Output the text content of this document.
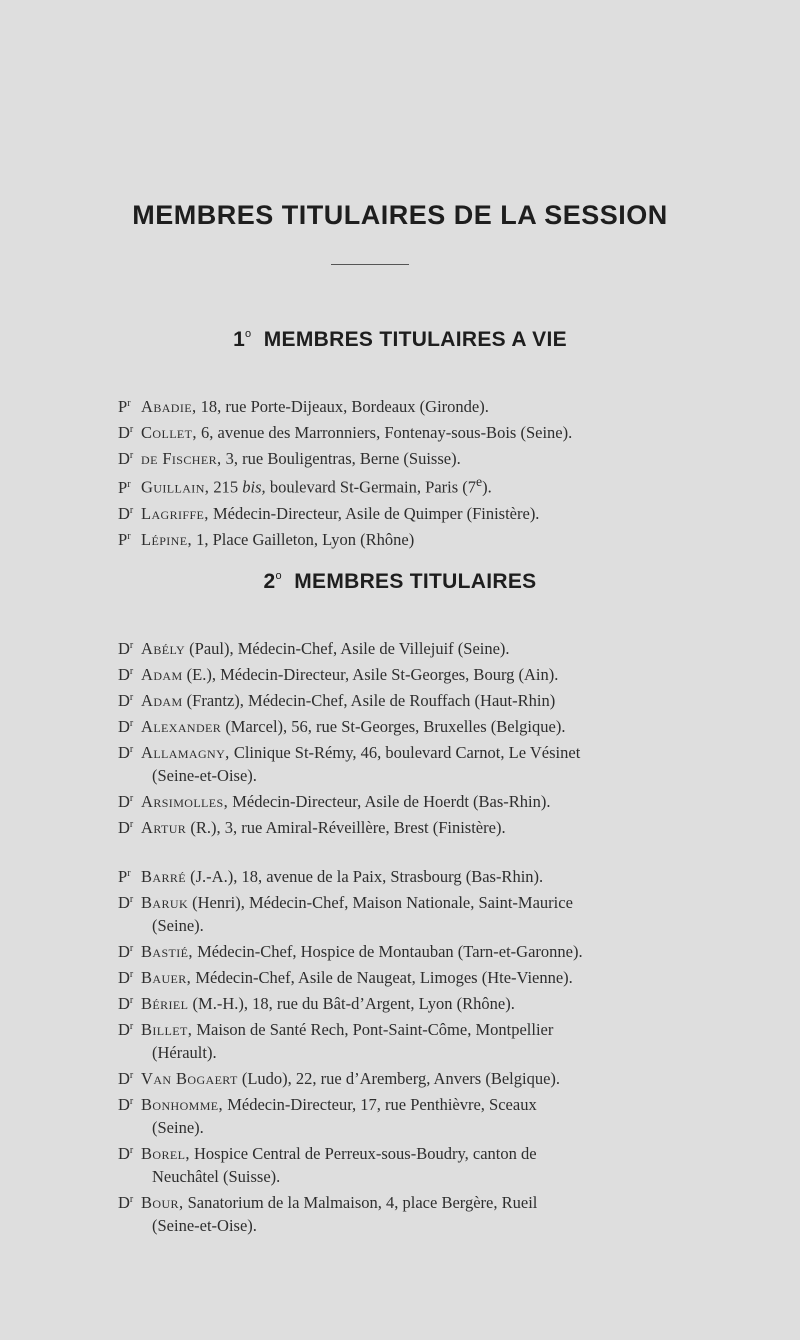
MEMBRES TITULAIRES DE LA SESSION
1$^o$ MEMBRES TITULAIRES A VIE
$P^r$ Abadie, 18, rue Porte-Dijeaux, Bordeaux (Gironde).
$D^r$ Collet, 6, avenue des Marronniers, Fontenay-sous-Bois (Seine).
$D^r$ de Fischer, 3, rue Bouligentras, Berne (Suisse).
$P^r$ Guillain, 215 bis, boulevard St-Germain, Paris (7e).
$D^r$ Lagriffe, Médecin-Directeur, Asile de Quimper (Finistère).
$P^r$ Lépine, 1, Place Gailleton, Lyon (Rhône)
2$^o$ MEMBRES TITULAIRES
$D^r$ Abély (Paul), Médecin-Chef, Asile de Villejuif (Seine).
$D^r$ Adam (E.), Médecin-Directeur, Asile St-Georges, Bourg (Ain).
$D^r$ Adam (Frantz), Médecin-Chef, Asile de Rouffach (Haut-Rhin)
$D^r$ Alexander (Marcel), 56, rue St-Georges, Bruxelles (Belgique).
$D^r$ Allamagny, Clinique St-Rémy, 46, boulevard Carnot, Le Vésinet
(Seine-et-Oise).
$D^r$ Arsimolles, Médecin-Directeur, Asile de Hoerdt (Bas-Rhin).
$D^r$ Artur (R.), 3, rue Amiral-Réveillère, Brest (Finistère).
$P^r$ Barré (J.-A.), 18, avenue de la Paix, Strasbourg (Bas-Rhin).
$D^r$ Baruk (Henri), Médecin-Chef, Maison Nationale, Saint-Maurice
(Seine).
$D^r$ Bastié, Médecin-Chef, Hospice de Montauban (Tarn-et-Garonne).
$D^r$ Bauer, Médecin-Chef, Asile de Naugeat, Limoges (Hte-Vienne).
$D^r$ Bériel (M.-H.), 18, rue du Bât-d’Argent, Lyon (Rhône).
$D^r$ Billet, Maison de Santé Rech, Pont-Saint-Côme, Montpellier
(Hérault).
$D^r$ Van Bogaert (Ludo), 22, rue d’Aremberg, Anvers (Belgique).
$D^r$ Bonhomme, Médecin-Directeur, 17, rue Penthièvre, Sceaux
(Seine).
$D^r$ Borel, Hospice Central de Perreux-sous-Boudry, canton de
Neuchâtel (Suisse).
$D^r$ Bour, Sanatorium de la Malmaison, 4, place Bergère, Rueil
(Seine-et-Oise).
